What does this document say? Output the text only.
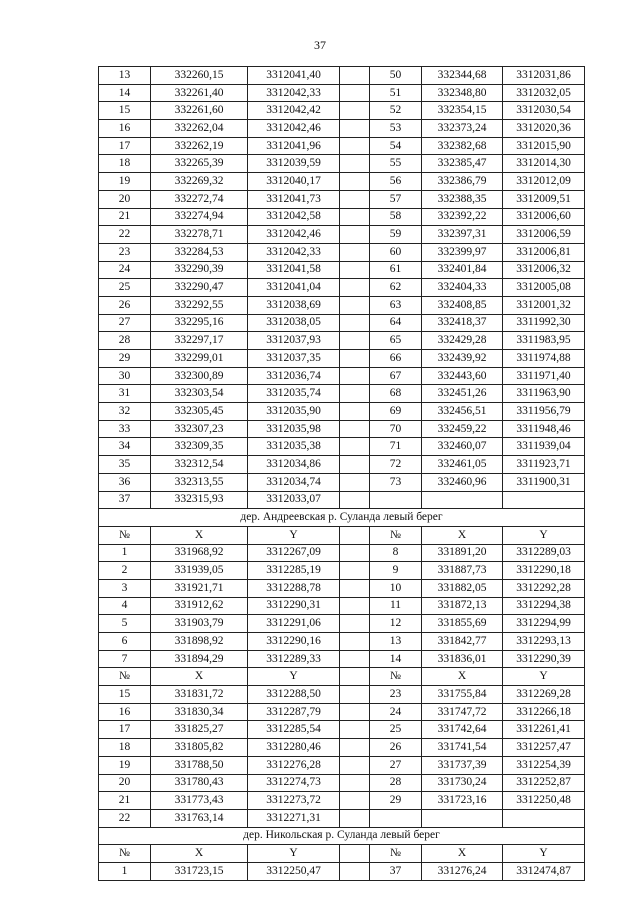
37
13	332260,15	3312041,40		50	332344,68	3312031,86
14	332261,40	3312042,33		51	332348,80	3312032,05
15	332261,60	3312042,42		52	332354,15	3312030,54
16	332262,04	3312042,46		53	332373,24	3312020,36
17	332262,19	3312041,96		54	332382,68	3312015,90
18	332265,39	3312039,59		55	332385,47	3312014,30
19	332269,32	3312040,17		56	332386,79	3312012,09
20	332272,74	3312041,73		57	332388,35	3312009,51
21	332274,94	3312042,58		58	332392,22	3312006,60
22	332278,71	3312042,46		59	332397,31	3312006,59
23	332284,53	3312042,33		60	332399,97	3312006,81
24	332290,39	3312041,58		61	332401,84	3312006,32
25	332290,47	3312041,04		62	332404,33	3312005,08
26	332292,55	3312038,69		63	332408,85	3312001,32
27	332295,16	3312038,05		64	332418,37	3311992,30
28	332297,17	3312037,93		65	332429,28	3311983,95
29	332299,01	3312037,35		66	332439,92	3311974,88
30	332300,89	3312036,74		67	332443,60	3311971,40
31	332303,54	3312035,74		68	332451,26	3311963,90
32	332305,45	3312035,90		69	332456,51	3311956,79
33	332307,23	3312035,98		70	332459,22	3311948,46
34	332309,35	3312035,38		71	332460,07	3311939,04
35	332312,54	3312034,86		72	332461,05	3311923,71
36	332313,55	3312034,74		73	332460,96	3311900,31
37	332315,93	3312033,07				
дер. Андреевская р. Суланда левый берег						
№	X	Y		№	X	Y
1	331968,92	3312267,09		8	331891,20	3312289,03
2	331939,05	3312285,19		9	331887,73	3312290,18
3	331921,71	3312288,78		10	331882,05	3312292,28
4	331912,62	3312290,31		11	331872,13	3312294,38
5	331903,79	3312291,06		12	331855,69	3312294,99
6	331898,92	3312290,16		13	331842,77	3312293,13
7	331894,29	3312289,33		14	331836,01	3312290,39
№	X	Y		№	X	Y
15	331831,72	3312288,50		23	331755,84	3312269,28
16	331830,34	3312287,79		24	331747,72	3312266,18
17	331825,27	3312285,54		25	331742,64	3312261,41
18	331805,82	3312280,46		26	331741,54	3312257,47
19	331788,50	3312276,28		27	331737,39	3312254,39
20	331780,43	3312274,73		28	331730,24	3312252,87
21	331773,43	3312273,72		29	331723,16	3312250,48
22	331763,14	3312271,31				
дер. Никольская р. Суланда левый берег						
№	X	Y		№	X	Y
1	331723,15	3312250,47		37	331276,24	3312474,87
